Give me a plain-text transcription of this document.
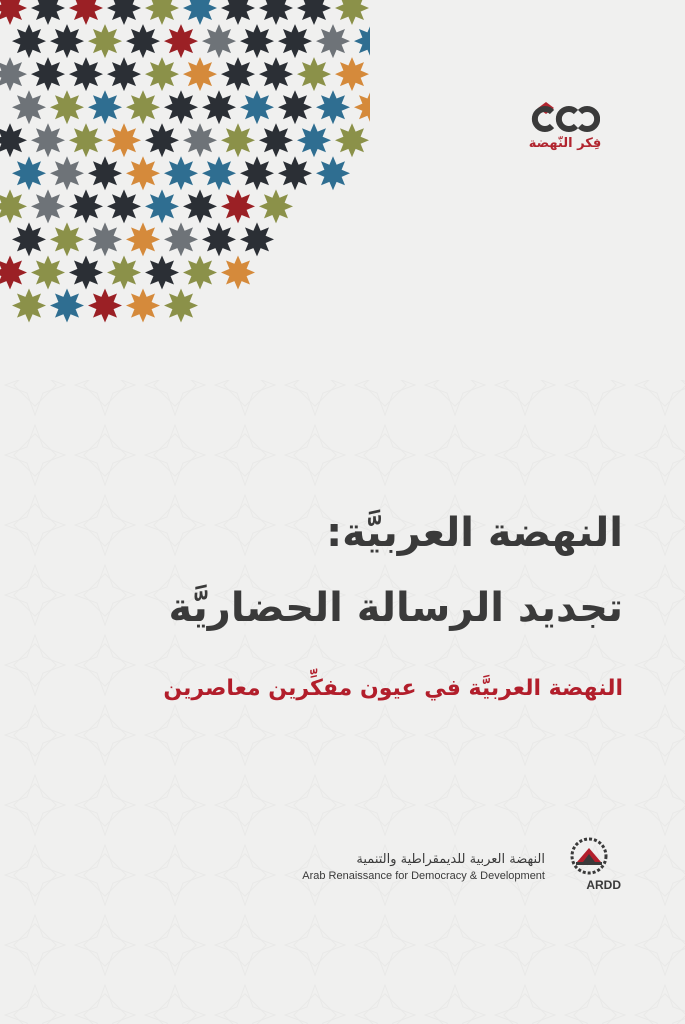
فِكر النّهضة
النهضة العربيَّة:
تجديد الرسالة الحضاريَّة
النهضة العربيَّة في عيون مفكِّرين معاصرين
النهضة العربية للديمقراطية والتنمية
Arab Renaissance for Democracy & Development
ARDD
